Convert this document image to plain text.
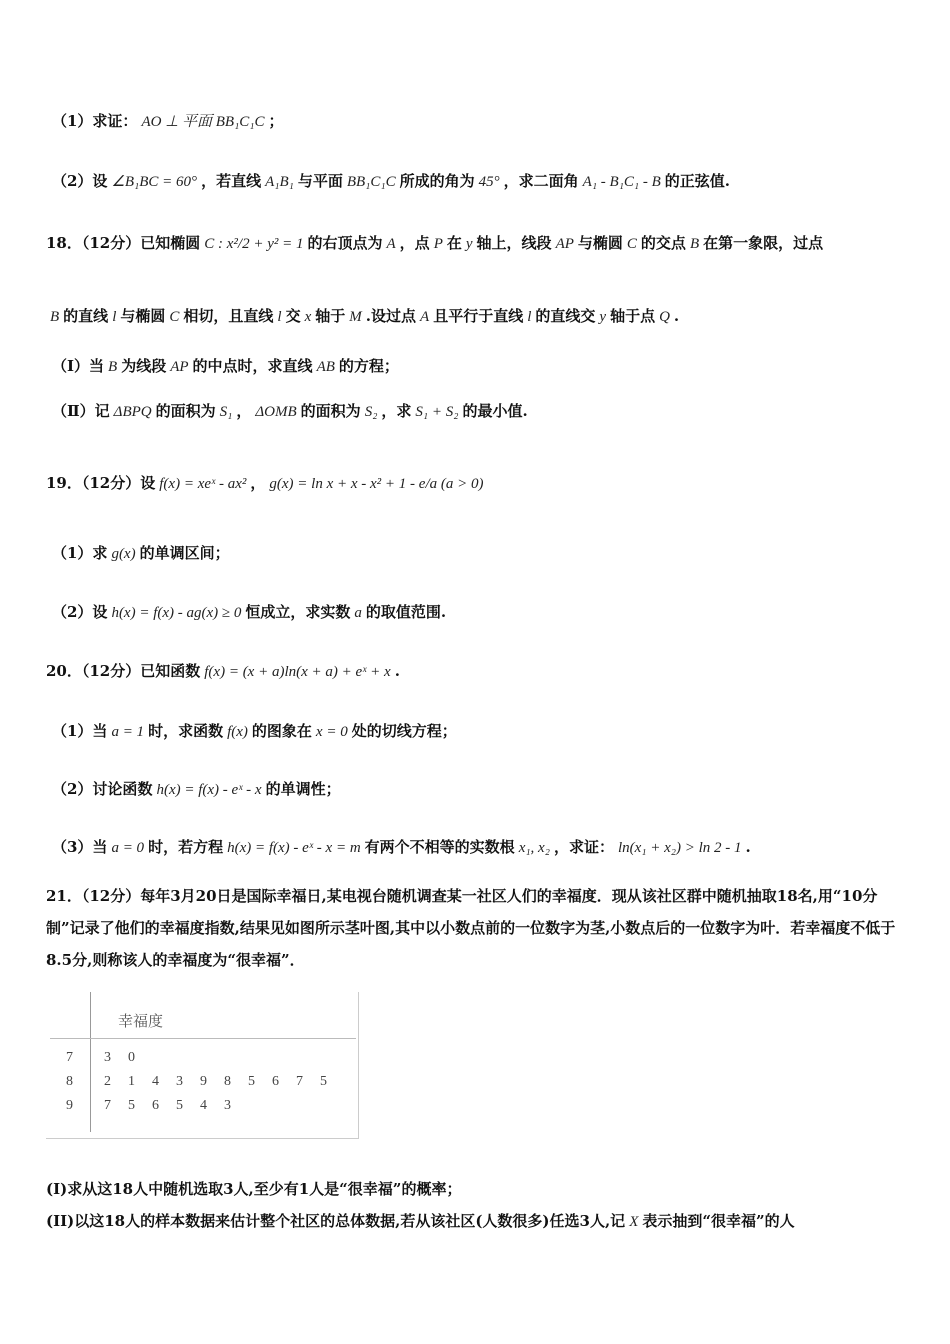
（1）求证： AO ⊥ 平面 BB₁C₁C ；
（2）设 ∠B₁BC = 60° ，若直线 A₁B₁ 与平面 BB₁C₁C 所成的角为 45° ，求二面角 A₁ - B₁C₁ - B 的正弦值.
18．（12分）已知椭圆 C : x²/2 + y² = 1 的右顶点为 A ，点 P 在 y 轴上，线段 AP 与椭圆 C 的交点 B 在第一象限，过点
B 的直线 l 与椭圆 C 相切，且直线 l 交 x 轴于 M .设过点 A 且平行于直线 l 的直线交 y 轴于点 Q .
（Ⅰ）当 B 为线段 AP 的中点时，求直线 AB 的方程；
（Ⅱ）记 ΔBPQ 的面积为 S₁ ， ΔOMB 的面积为 S₂ ，求 S₁ + S₂ 的最小值.
19．（12分）设 f(x) = xeˣ - ax² ， g(x) = ln x + x - x² + 1 - e/a (a > 0)
（1）求 g(x) 的单调区间；
（2）设 h(x) = f(x) - ag(x) ≥ 0 恒成立，求实数 a 的取值范围.
20．（12分）已知函数 f(x) = (x + a)ln(x + a) + eˣ + x .
（1）当 a = 1 时，求函数 f(x) 的图象在 x = 0 处的切线方程；
（2）讨论函数 h(x) = f(x) - eˣ - x 的单调性；
（3）当 a = 0 时，若方程 h(x) = f(x) - eˣ - x = m 有两个不相等的实数根 x₁, x₂ ，求证： ln(x₁ + x₂) > ln 2 - 1 .
21．（12分）每年3月20日是国际幸福日,某电视台随机调查某一社区人们的幸福度．现从该社区群中随机抽取18名,用“10分制”记录了他们的幸福度指数,结果见如图所示茎叶图,其中以小数点前的一位数字为茎,小数点后的一位数字为叶．若幸福度不低于8.5分,则称该人的幸福度为“很幸福”．
幸福度
7 3 0
8 2 1 4 3 9 8 5 6 7 5
9 7 5 6 5 4 3
(I)求从这18人中随机选取3人,至少有1人是“很幸福”的概率；
(II)以这18人的样本数据来估计整个社区的总体数据,若从该社区(人数很多)任选3人,记 X 表示抽到“很幸福”的人
